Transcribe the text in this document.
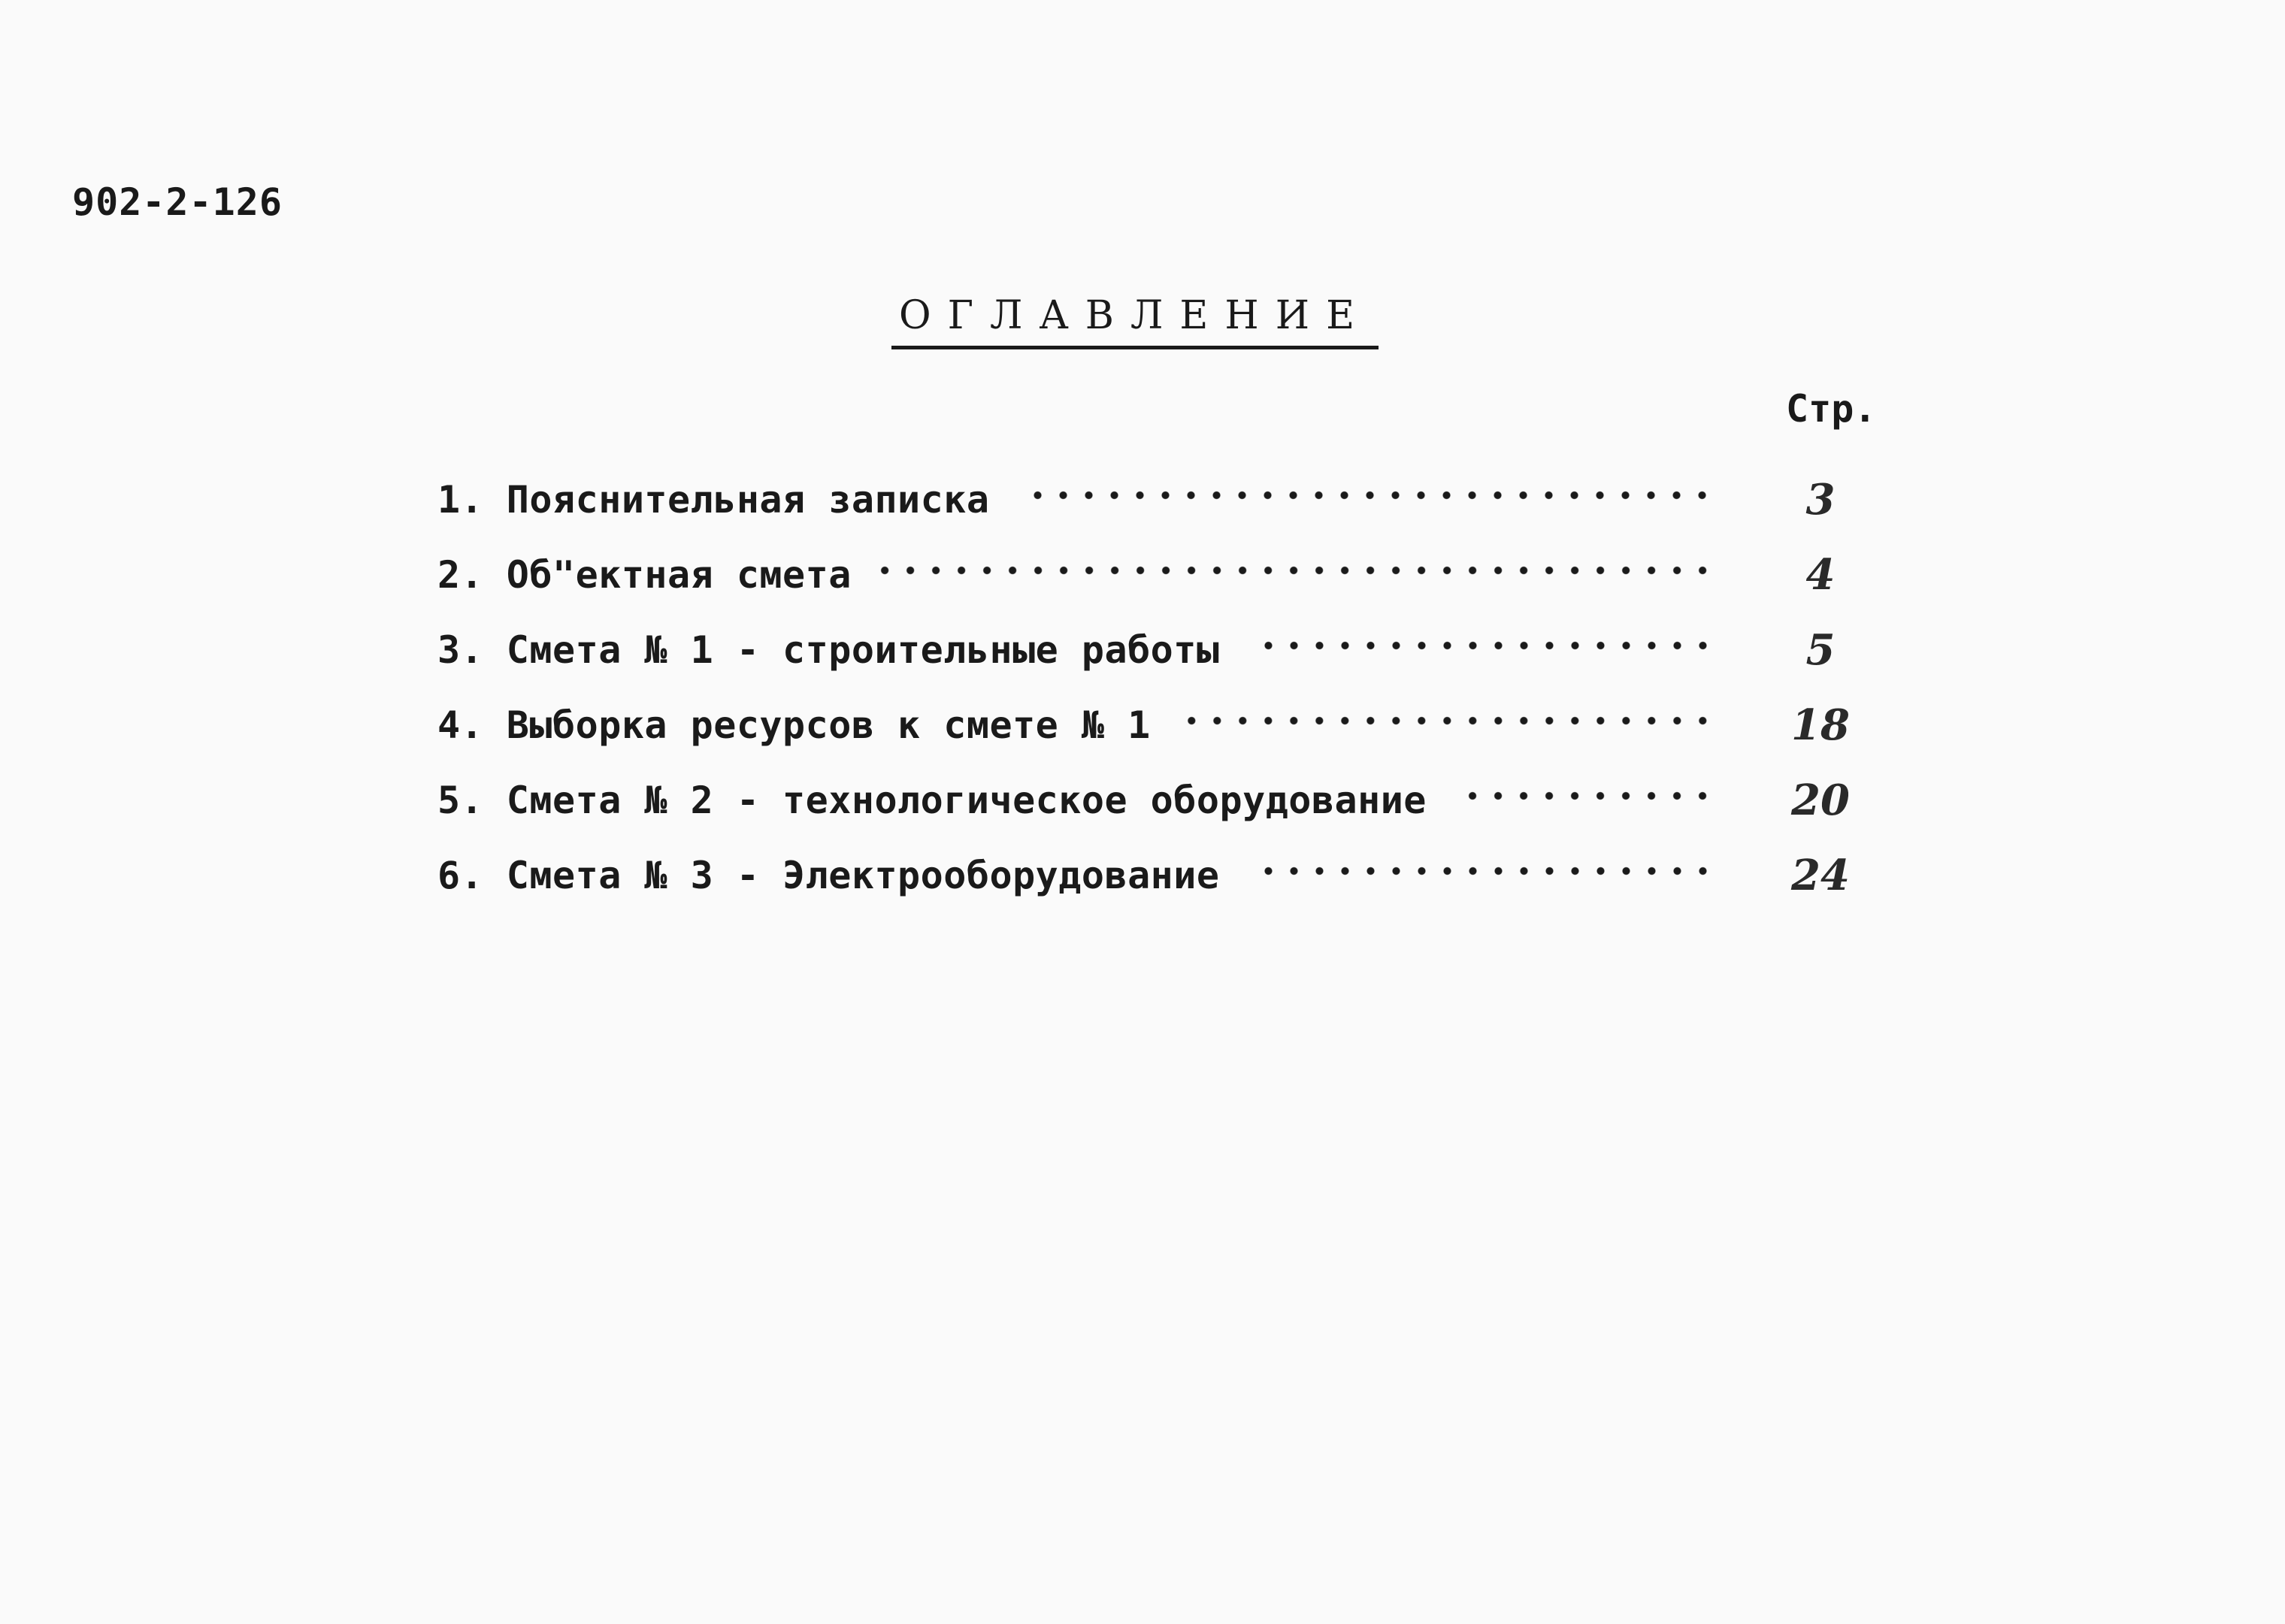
902-2-126
ОГЛАВЛЕНИЕ
Стр.
1. Пояснительная записка	3
2. Об"ектная смета	4
3. Смета № 1 - строительные работы	5
4. Выборка ресурсов к смете № 1	18
5. Смета № 2 - технологическое оборудование	20
6. Смета № 3 - Электрооборудование	24
